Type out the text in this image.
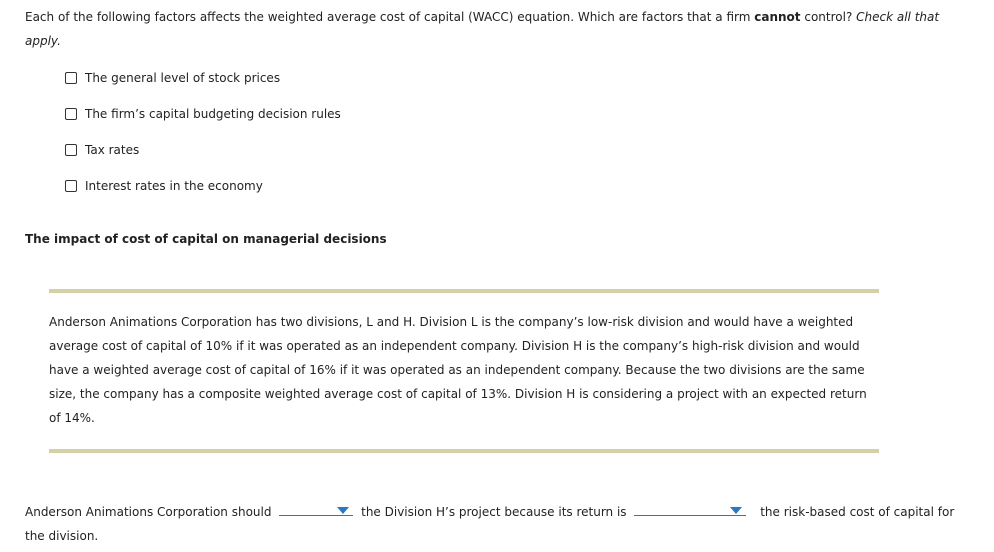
Each of the following factors affects the weighted average cost of capital (WACC) equation. Which are factors that a firm cannot control? Check all that apply.
The general level of stock prices
The firm’s capital budgeting decision rules
Tax rates
Interest rates in the economy
The impact of cost of capital on managerial decisions
Anderson Animations Corporation has two divisions, L and H. Division L is the company’s low-risk division and would have a weighted average cost of capital of 10% if it was operated as an independent company. Division H is the company’s high-risk division and would have a weighted average cost of capital of 16% if it was operated as an independent company. Because the two divisions are the same size, the company has a composite weighted average cost of capital of 13%. Division H is considering a project with an expected return of 14%.
Anderson Animations Corporation should	the Division H’s project because its return is	the risk-based cost of capital for the division.
